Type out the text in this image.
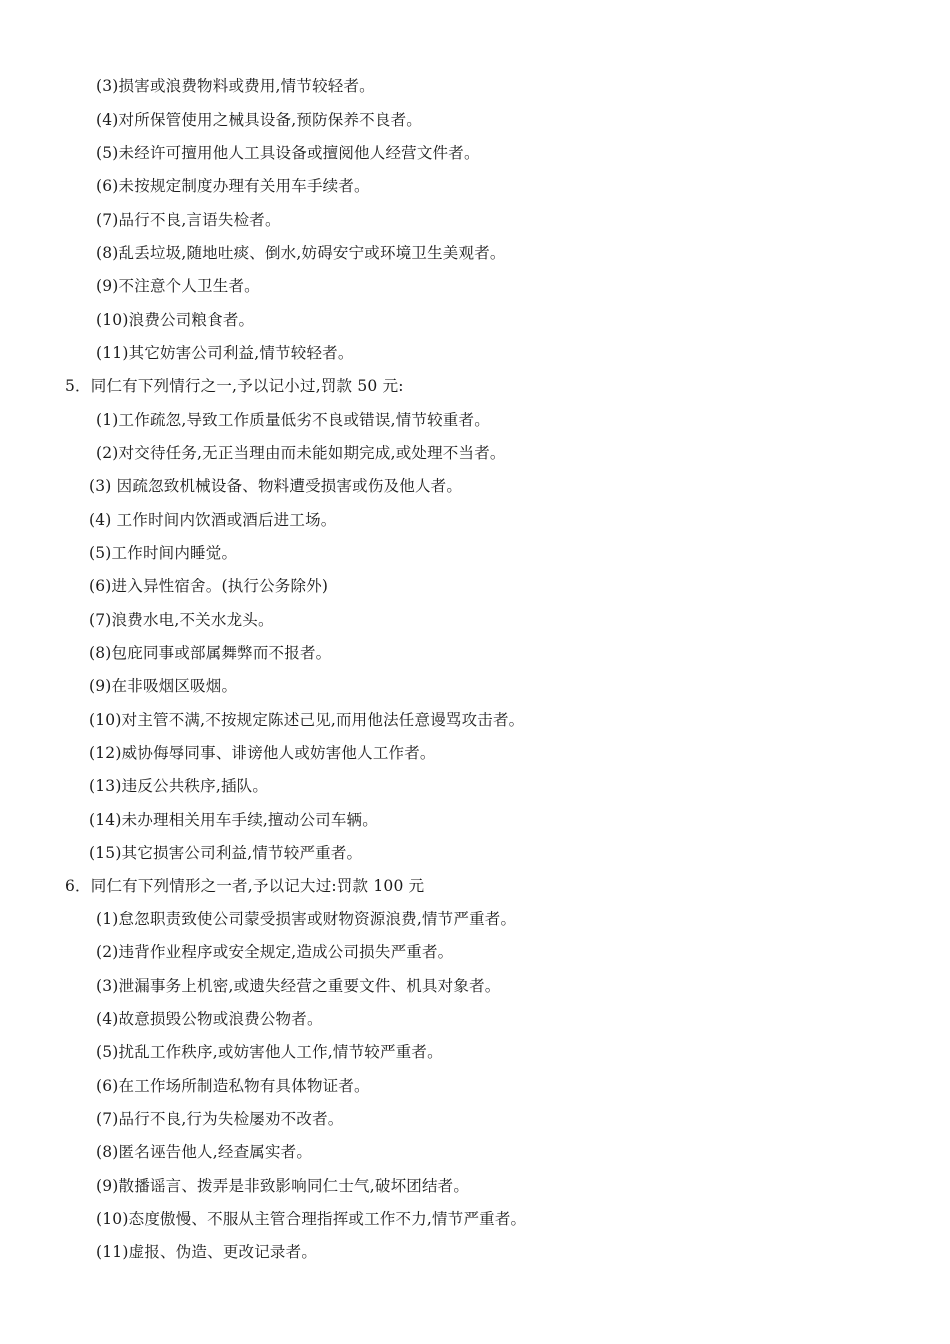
(3)损害或浪费物料或费用,情节较轻者。
(4)对所保管使用之械具设备,预防保养不良者。
(5)未经许可擅用他人工具设备或擅阅他人经营文件者。
(6)未按规定制度办理有关用车手续者。
(7)品行不良,言语失检者。
(8)乱丢垃圾,随地吐痰、倒水,妨碍安宁或环境卫生美观者。
(9)不注意个人卫生者。
(10)浪费公司粮食者。
(11)其它妨害公司利益,情节较轻者。
5．同仁有下列情行之一,予以记小过,罚款 50 元:
(1)工作疏忽,导致工作质量低劣不良或错误,情节较重者。
(2)对交待任务,无正当理由而未能如期完成,或处理不当者。
(3) 因疏忽致机械设备、物料遭受损害或伤及他人者。
(4) 工作时间内饮酒或酒后进工场。
(5)工作时间内睡觉。
(6)进入异性宿舍。(执行公务除外)
(7)浪费水电,不关水龙头。
(8)包庇同事或部属舞弊而不报者。
(9)在非吸烟区吸烟。
(10)对主管不满,不按规定陈述己见,而用他法任意谩骂攻击者。
(12)威协侮辱同事、诽谤他人或妨害他人工作者。
(13)违反公共秩序,插队。
(14)未办理相关用车手续,擅动公司车辆。
(15)其它损害公司利益,情节较严重者。
6．同仁有下列情形之一者,予以记大过:罚款 100 元
(1)怠忽职责致使公司蒙受损害或财物资源浪费,情节严重者。
(2)违背作业程序或安全规定,造成公司损失严重者。
(3)泄漏事务上机密,或遗失经营之重要文件、机具对象者。
(4)故意损毁公物或浪费公物者。
(5)扰乱工作秩序,或妨害他人工作,情节较严重者。
(6)在工作场所制造私物有具体物证者。
(7)品行不良,行为失检屡劝不改者。
(8)匿名诬告他人,经查属实者。
(9)散播谣言、拨弄是非致影响同仁士气,破坏团结者。
(10)态度傲慢、不服从主管合理指挥或工作不力,情节严重者。
(11)虚报、伪造、更改记录者。
